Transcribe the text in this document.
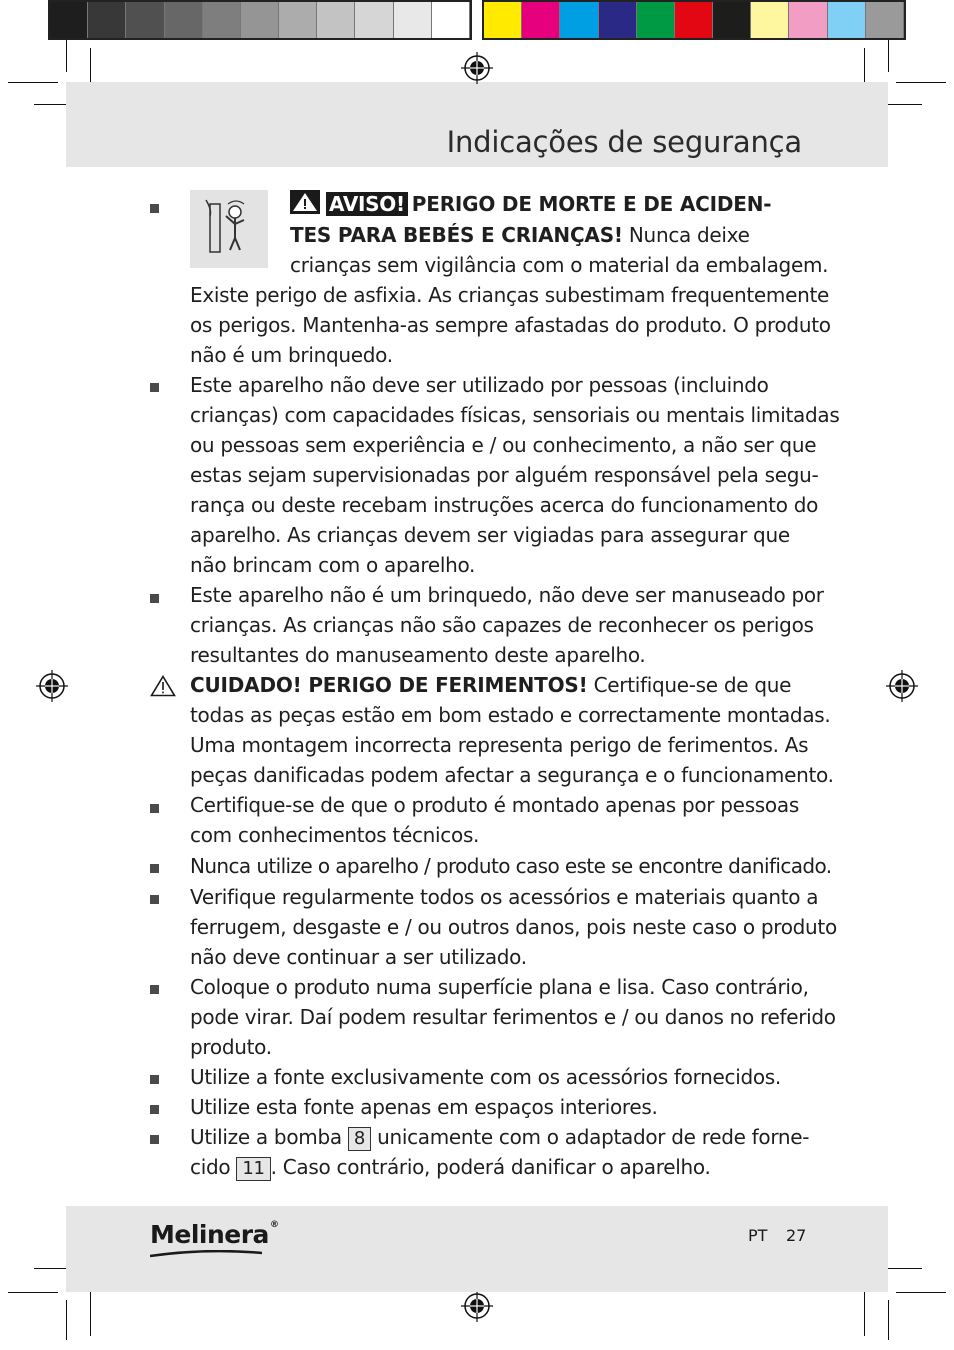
Indicações de segurança
AVISO! PERIGO DE MORTE E DE ACIDEN-
TES PARA BEBÉS E CRIANÇAS! Nunca deixe
crianças sem vigilância com o material da embalagem.
Existe perigo de asfixia. As crianças subestimam frequentemente
os perigos. Mantenha-as sempre afastadas do produto. O produto
não é um brinquedo.
Este aparelho não deve ser utilizado por pessoas (incluindo
crianças) com capacidades físicas, sensoriais ou mentais limitadas
ou pessoas sem experiência e / ou conhecimento, a não ser que
estas sejam supervisionadas por alguém responsável pela segu-
rança ou deste recebam instruções acerca do funcionamento do
aparelho. As crianças devem ser vigiadas para assegurar que
não brincam com o aparelho.
Este aparelho não é um brinquedo, não deve ser manuseado por
crianças. As crianças não são capazes de reconhecer os perigos
resultantes do manuseamento deste aparelho.
CUIDADO! PERIGO DE FERIMENTOS! Certifique-se de que
todas as peças estão em bom estado e correctamente montadas.
Uma montagem incorrecta representa perigo de ferimentos. As
peças danificadas podem afectar a segurança e o funcionamento.
Certifique-se de que o produto é montado apenas por pessoas
com conhecimentos técnicos.
Nunca utilize o aparelho / produto caso este se encontre danificado.
Verifique regularmente todos os acessórios e materiais quanto a
ferrugem, desgaste e / ou outros danos, pois neste caso o produto
não deve continuar a ser utilizado.
Coloque o produto numa superfície plana e lisa. Caso contrário,
pode virar. Daí podem resultar ferimentos e / ou danos no referido
produto.
Utilize a fonte exclusivamente com os acessórios fornecidos.
Utilize esta fonte apenas em espaços interiores.
Utilize a bomba 8 unicamente com o adaptador de rede forne-
cido 11 . Caso contrário, poderá danificar o aparelho.
Melinera®
PT 27
